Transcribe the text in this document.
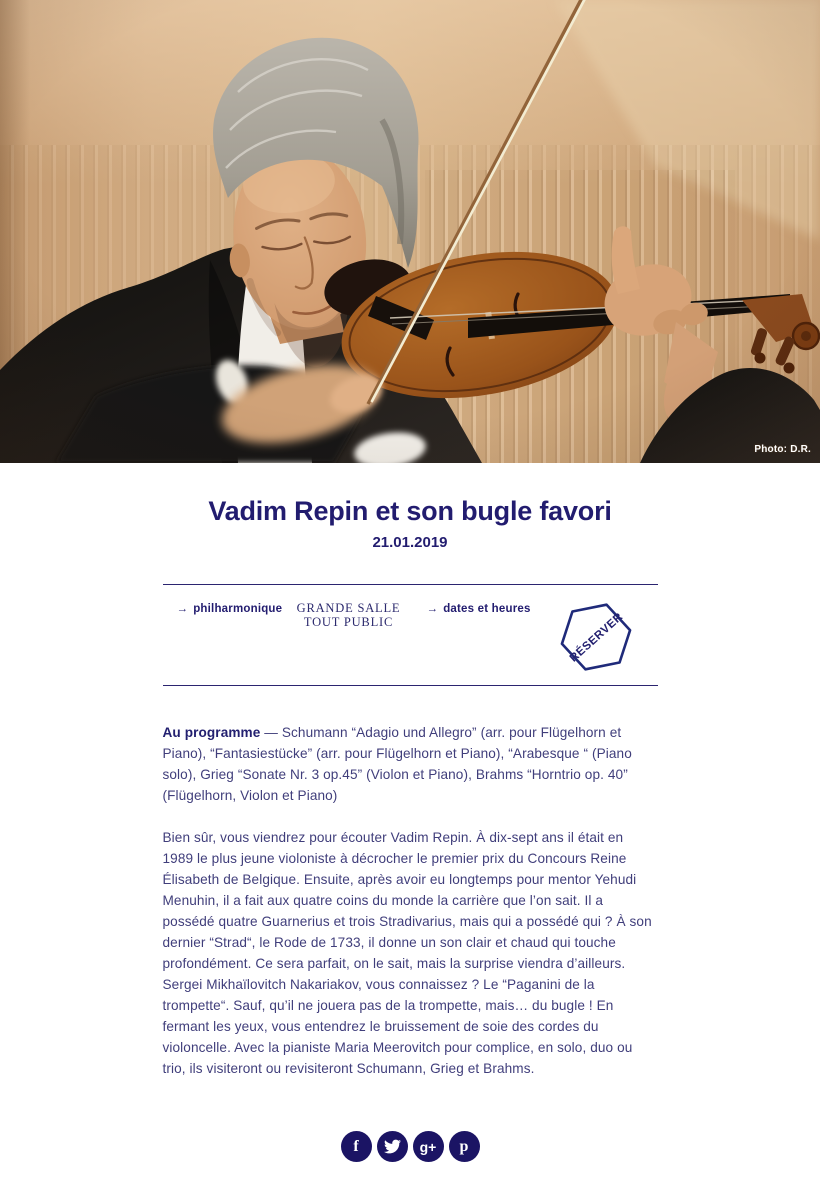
Photo: D.R.
Vadim Repin et son bugle favori
21.01.2019
→ philharmonique	GRANDE SALLE
TOUT PUBLIC
→ dates et heures
RÉSERVER

Au programme — Schumann “Adagio und Allegro” (arr. pour Flügelhorn et Piano), “Fantasiestücke” (arr. pour Flügelhorn et Piano), “Arabesque “ (Piano solo), Grieg “Sonate Nr. 3 op.45” (Violon et Piano), Brahms “Horntrio op. 40” (Flügelhorn, Violon et Piano)

Bien sûr, vous viendrez pour écouter Vadim Repin. À dix-sept ans il était en 1989 le plus jeune violoniste à décrocher le premier prix du Concours Reine Élisabeth de Belgique. Ensuite, après avoir eu longtemps pour mentor Yehudi Menuhin, il a fait aux quatre coins du monde la carrière que l’on sait. Il a possédé quatre Guarnerius et trois Stradivarius, mais qui a possédé qui ? À son dernier “Strad“, le Rode de 1733, il donne un son clair et chaud qui touche profondément. Ce sera parfait, on le sait, mais la surprise viendra d’ailleurs. Sergei Mikhaïlovitch Nakariakov, vous connaissez ? Le “Paganini de la trompette“. Sauf, qu’il ne jouera pas de la trompette, mais… du bugle ! En fermant les yeux, vous entendrez le bruissement de soie des cordes du violoncelle. Avec la pianiste Maria Meerovitch pour complice, en solo, duo ou trio, ils visiteront ou revisiteront Schumann, Grieg et Brahms.

f	g+ p
